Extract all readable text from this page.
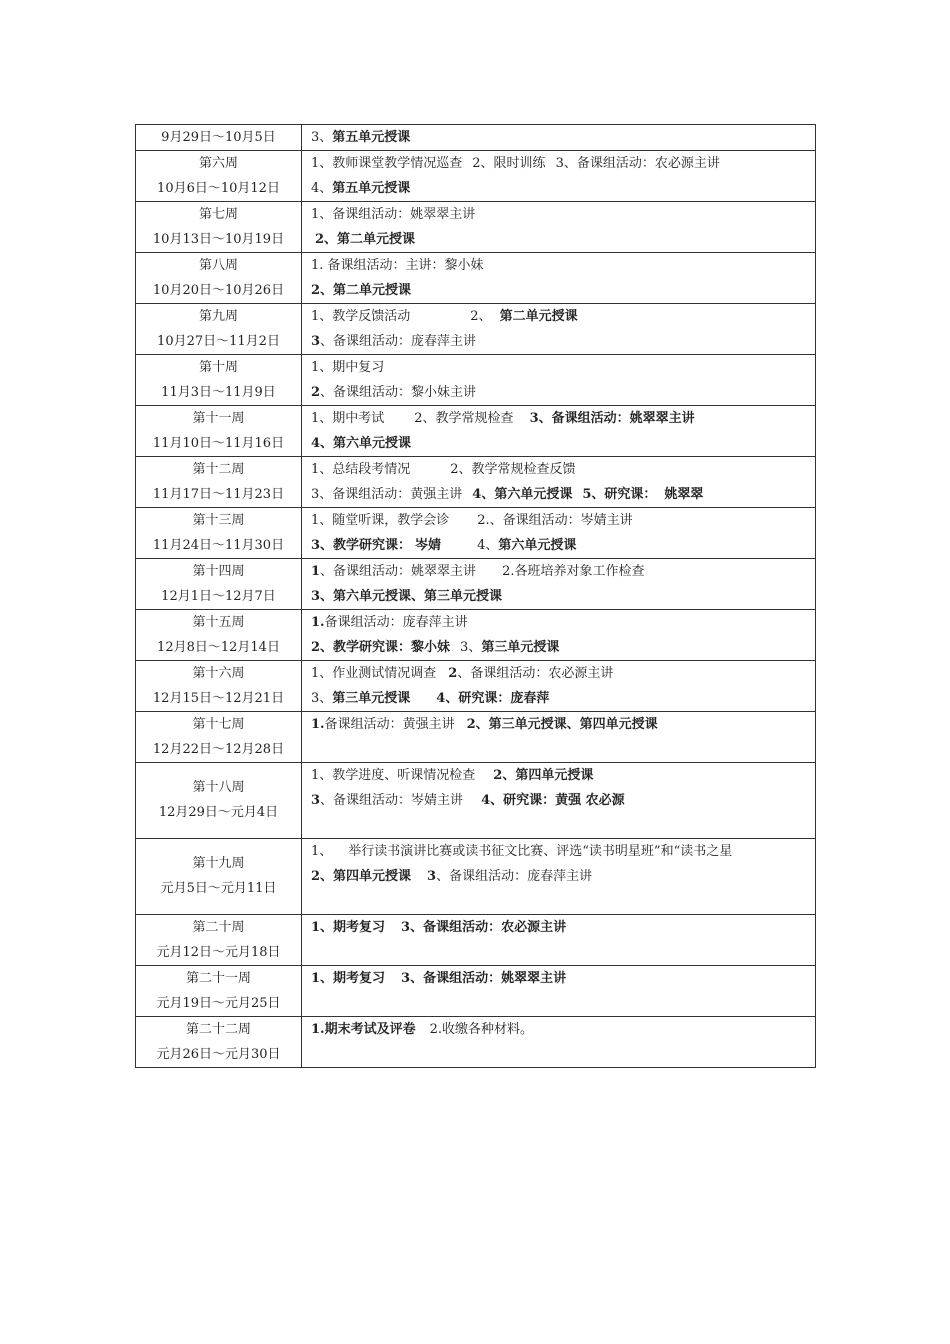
9月29日～10月5日	3、第五单元授课

第六周
10月6日～10月12日	1、教师课堂教学情况巡查 2、限时训练 3、备课组活动：农必源主讲
4、第五单元授课

第七周
10月13日～10月19日	1、备课组活动：姚翠翠主讲
2、第二单元授课

第八周
10月20日～10月26日	1. 备课组活动：主讲：黎小妹
2、第二单元授课

第九周
10月27日～11月2日	1、教学反馈活动 2、 第二单元授课
3、备课组活动：庞春萍主讲

第十周
11月3日～11月9日	1、期中复习
2、备课组活动：黎小妹主讲

第十一周
11月10日～11月16日	1、期中考试 2、教学常规检查 3、备课组活动：姚翠翠主讲
4、第六单元授课

第十二周
11月17日～11月23日	1、总结段考情况 2、教学常规检查反馈
3、备课组活动：黄强主讲 4、第六单元授课 5、研究课： 姚翠翠

第十三周
11月24日～11月30日	1、随堂听课，教学会诊 2.、备课组活动：岑婧主讲
3、教学研究课： 岑婧 4、第六单元授课

第十四周
12月1日～12月7日	1、备课组活动：姚翠翠主讲 2.各班培养对象工作检查
3、第六单元授课、第三单元授课

第十五周
12月8日～12月14日	1.备课组活动：庞春萍主讲
2、教学研究课：黎小妹 3、第三单元授课

第十六周
12月15日～12月21日	1、作业测试情况调查 2、备课组活动：农必源主讲
3、第三单元授课 4、研究课：庞春萍

第十七周
12月22日～12月28日	1.备课组活动：黄强主讲 2、第三单元授课、第四单元授课

第十八周
12月29日～元月4日	1、教学进度、听课情况检查 2、第四单元授课
3、备课组活动：岑婧主讲 4、研究课：黄强 农必源

第十九周
元月5日～元月11日	1、 举行读书演讲比赛或读书征文比赛、评选“读书明星班”和“读书之星
2、第四单元授课 3、备课组活动：庞春萍主讲

第二十周
元月12日～元月18日	1、期考复习 3、备课组活动：农必源主讲

第二十一周
元月19日～元月25日	1、期考复习 3、备课组活动：姚翠翠主讲

第二十二周
元月26日～元月30日	1.期末考试及评卷 2.收缴各种材料。
